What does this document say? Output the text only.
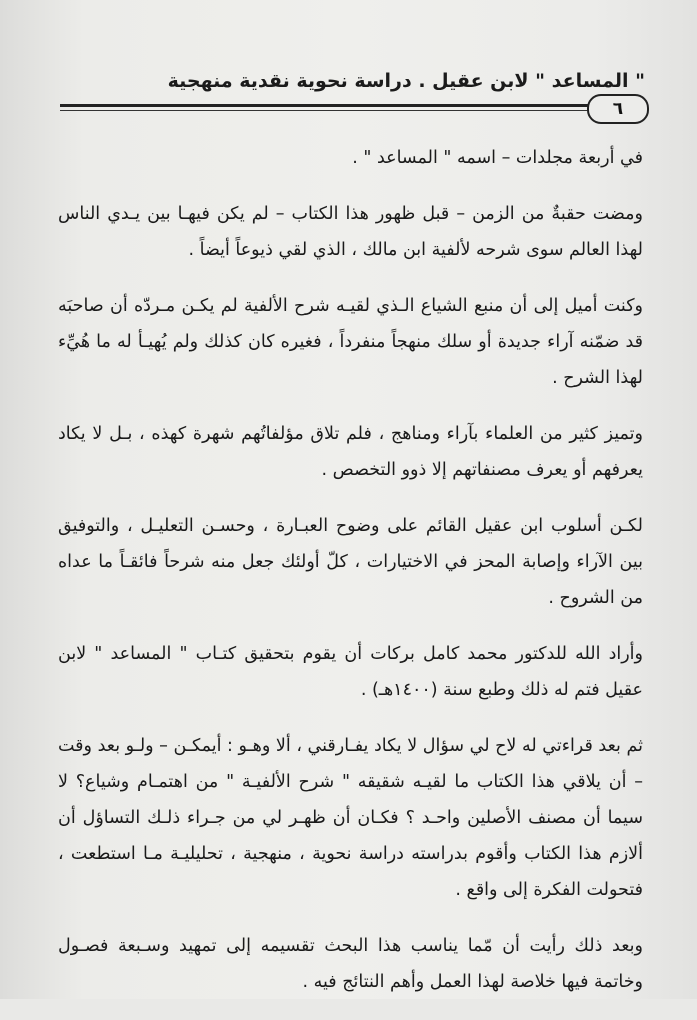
" المساعد " لابن عقيل . دراسة نحوية نقدية منهجية
٦

في أربعة مجلدات – اسمه " المساعد " .

ومضت حقبةٌ من الزمن – قبل ظهور هذا الكتاب – لم يكن فيهـا بين يـدي الناس لهذا العالم سوى شرحه لألفية ابن مالك ، الذي لقي ذيوعاً أيضاً .

وكنت أميل إلى أن منبع الشياع الـذي لقيـه شرح الألفية لم يكـن مـردّه أن صاحبَه قد ضمّنه آراء جديدة أو سلك منهجاً منفرداً ، فغيره كان كذلك ولم يُهيـأ له ما هُيِّء لهذا الشرح .

وتميز كثير من العلماء بآراء ومناهج ، فلم تلاق مؤلفاتُهم شهرة كهذه ، بـل لا يكاد يعرفهم أو يعرف مصنفاتهم إلا ذوو التخصص .

لكـن أسلوب ابن عقيل القائم على وضوح العبـارة ، وحسـن التعليـل ، والتوفيق بين الآراء وإصابة المحز في الاختيارات ، كلّ أولئك جعل منه شرحاً فائقـاً ما عداه من الشروح .

وأراد الله للدكتور محمد كامل بركات أن يقوم بتحقيق كتـاب " المساعد " لابن عقيل فتم له ذلك وطبع سنة (١٤٠٠هـ) .

ثم بعد قراءتي له لاح لي سؤال لا يكاد يفـارقني ، ألا وهـو : أيمكـن – ولـو بعد وقت – أن يلاقي هذا الكتاب ما لقيـه شقيقه " شرح الألفيـة " من اهتمـام وشياع؟ لا سيما أن مصنف الأصلين واحـد ؟ فكـان أن ظهـر لي من جـراء ذلـك التساؤل أن ألازم هذا الكتاب وأقوم بدراسته دراسة نحوية ، منهجية ، تحليليـة مـا استطعت ، فتحولت الفكرة إلى واقع .

وبعد ذلك رأيت أن مّما يناسب هذا البحث تقسيمه إلى تمهيد وسـبعة فصـول وخاتمة فيها خلاصة لهذا العمل وأهم النتائج فيه .
